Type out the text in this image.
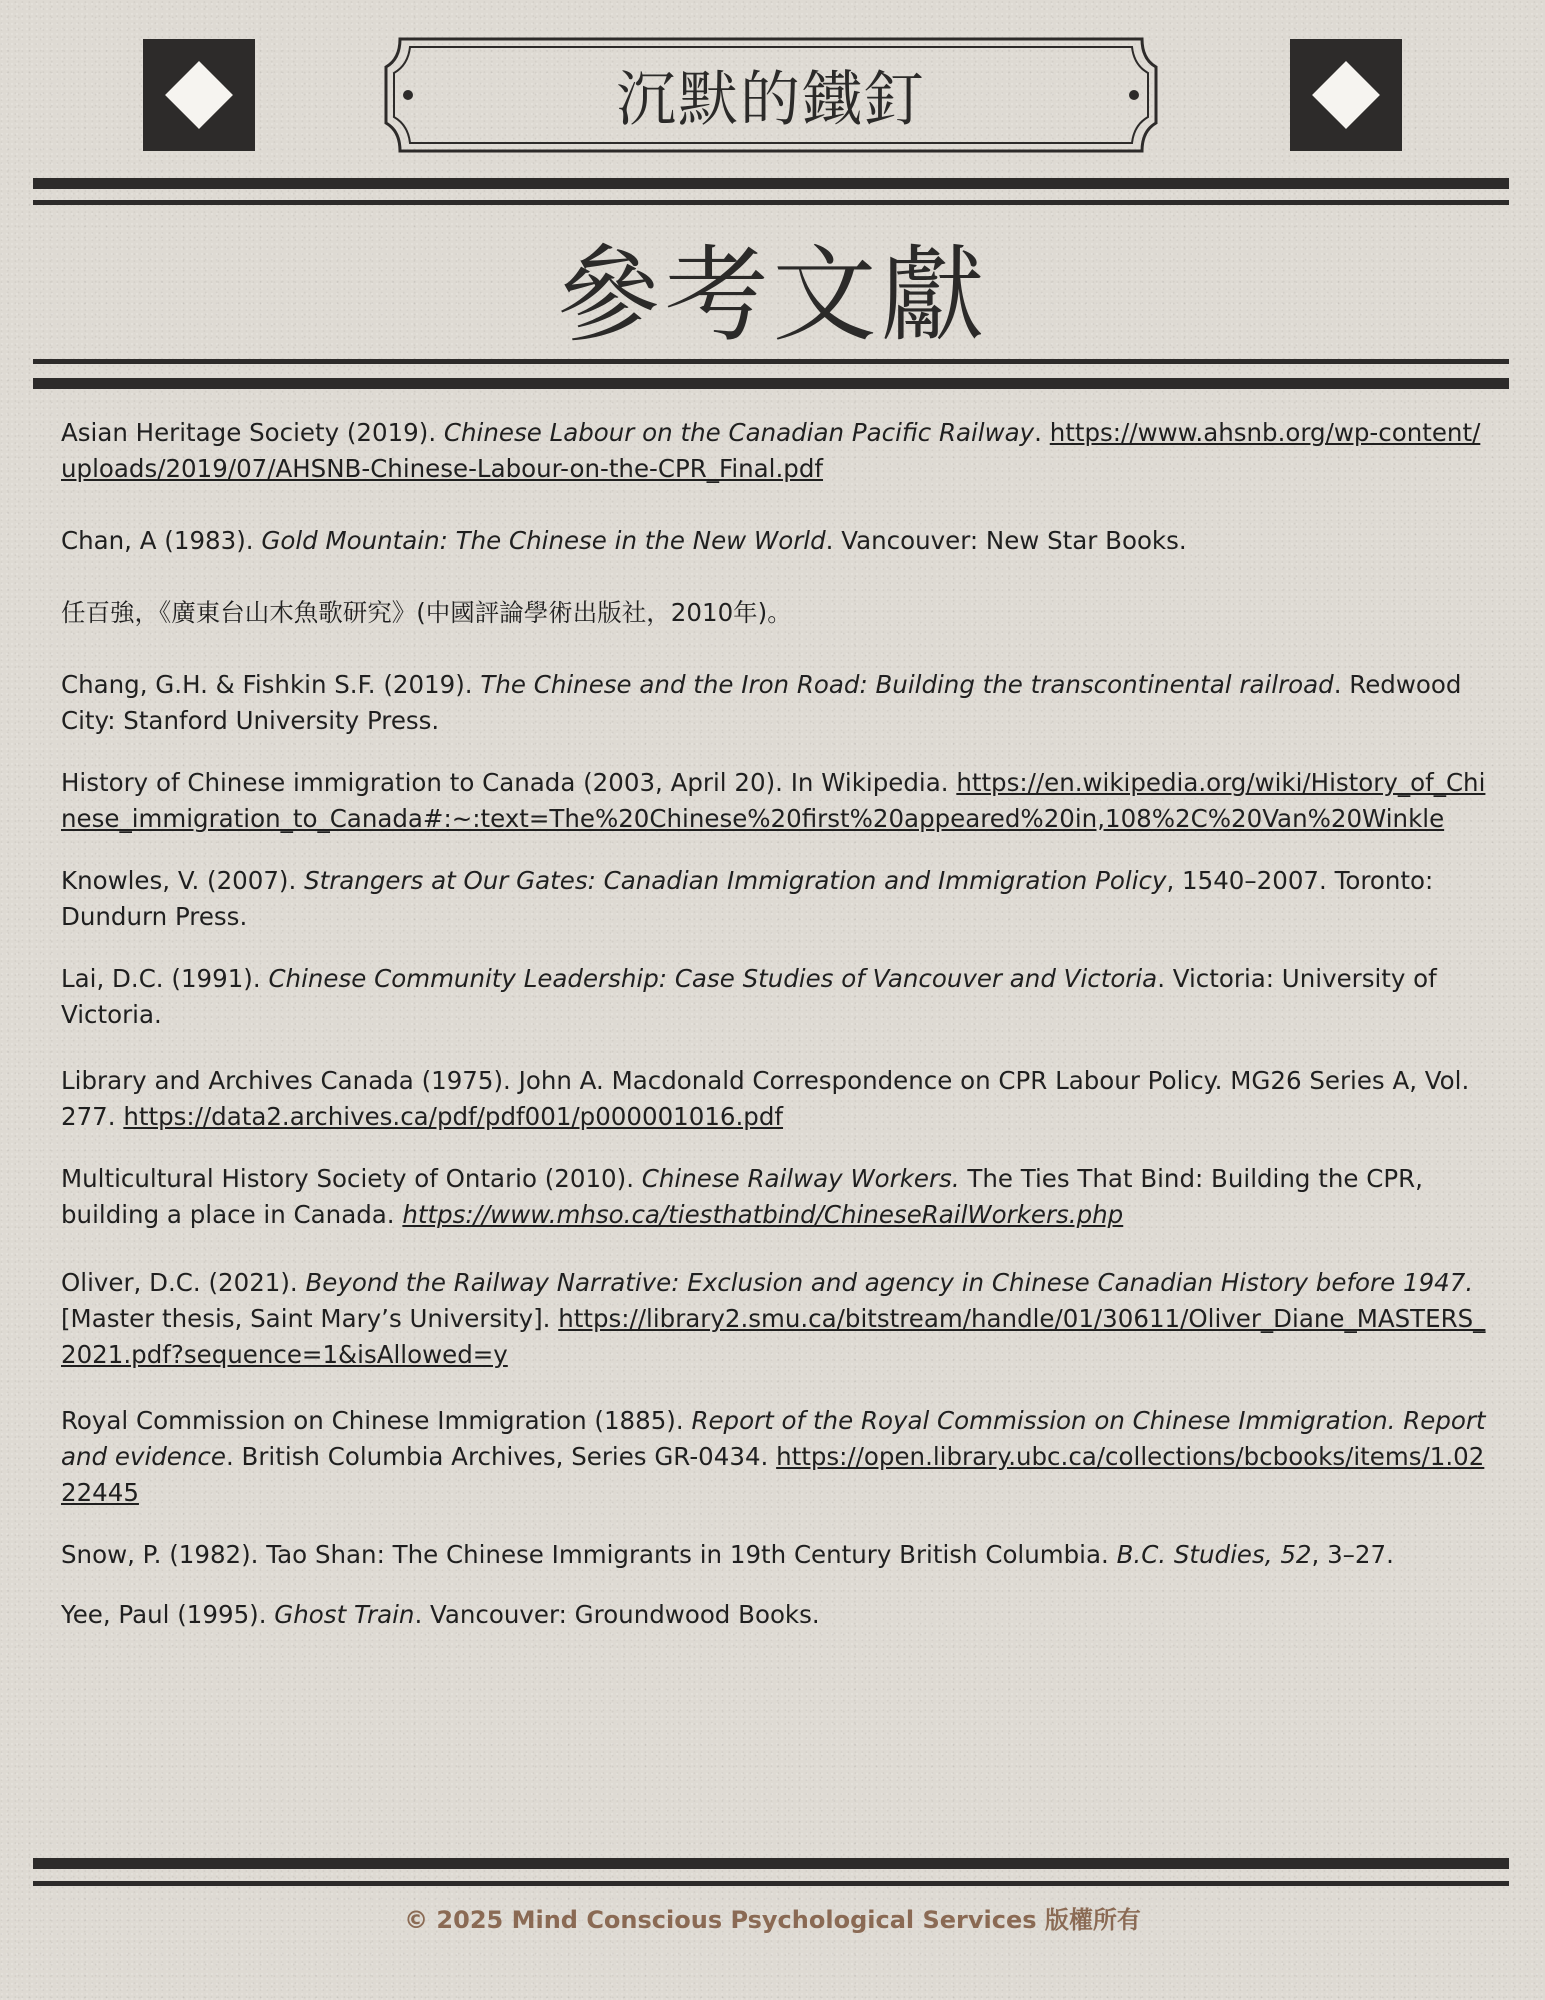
沉默的鐵釘
參考文獻

Asian Heritage Society (2019). Chinese Labour on the Canadian Pacific Railway. https://www.ahsnb.org/wp-content/uploads/2019/07/AHSNB-Chinese-Labour-on-the-CPR_Final.pdf

Chan, A (1983). Gold Mountain: The Chinese in the New World. Vancouver: New Star Books.

任百強，《廣東台山木魚歌研究》(中國評論學術出版社，2010年)。

Chang, G.H. & Fishkin S.F. (2019). The Chinese and the Iron Road: Building the transcontinental railroad. Redwood City: Stanford University Press.

History of Chinese immigration to Canada (2003, April 20). In Wikipedia. https://en.wikipedia.org/wiki/History_of_Chinese_immigration_to_Canada#:~:text=The%20Chinese%20first%20appeared%20in,108%2C%20Van%20Winkle

Knowles, V. (2007). Strangers at Our Gates: Canadian Immigration and Immigration Policy, 1540–2007. Toronto: Dundurn Press.

Lai, D.C. (1991). Chinese Community Leadership: Case Studies of Vancouver and Victoria. Victoria: University of Victoria.

Library and Archives Canada (1975). John A. Macdonald Correspondence on CPR Labour Policy. MG26 Series A, Vol. 277. https://data2.archives.ca/pdf/pdf001/p000001016.pdf

Multicultural History Society of Ontario (2010). Chinese Railway Workers. The Ties That Bind: Building the CPR, building a place in Canada. https://www.mhso.ca/tiesthatbind/ChineseRailWorkers.php

Oliver, D.C. (2021). Beyond the Railway Narrative: Exclusion and agency in Chinese Canadian History before 1947. [Master thesis, Saint Mary’s University]. https://library2.smu.ca/bitstream/handle/01/30611/Oliver_Diane_MASTERS_2021.pdf?sequence=1&isAllowed=y

Royal Commission on Chinese Immigration (1885). Report of the Royal Commission on Chinese Immigration. Report and evidence. British Columbia Archives, Series GR-0434. https://open.library.ubc.ca/collections/bcbooks/items/1.0222445

Snow, P. (1982). Tao Shan: The Chinese Immigrants in 19th Century British Columbia. B.C. Studies, 52, 3–27.

Yee, Paul (1995). Ghost Train. Vancouver: Groundwood Books.

© 2025 Mind Conscious Psychological Services 版權所有
